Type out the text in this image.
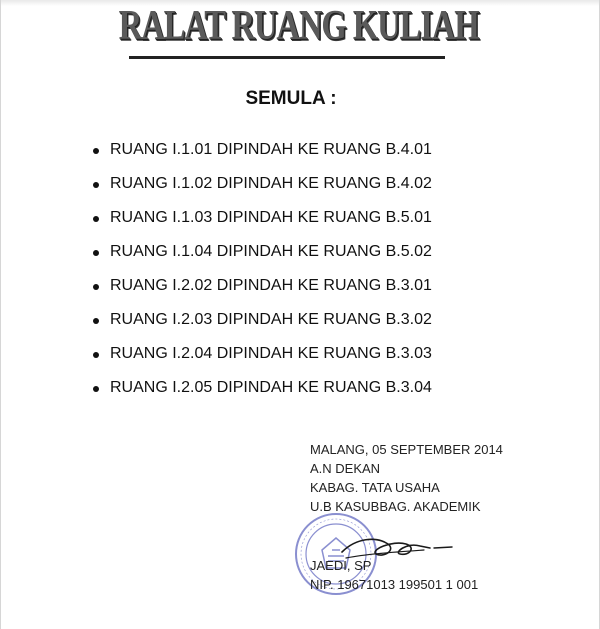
RALAT RUANG KULIAH
SEMULA :
RUANG I.1.01 DIPINDAH KE RUANG B.4.01
RUANG I.1.02 DIPINDAH KE RUANG B.4.02
RUANG I.1.03 DIPINDAH KE RUANG B.5.01
RUANG I.1.04 DIPINDAH KE RUANG B.5.02
RUANG I.2.02 DIPINDAH KE RUANG B.3.01
RUANG I.2.03 DIPINDAH KE RUANG B.3.02
RUANG I.2.04 DIPINDAH KE RUANG B.3.03
RUANG I.2.05 DIPINDAH KE RUANG B.3.04
MALANG, 05 SEPTEMBER 2014
A.N DEKAN
KABAG. TATA USAHA
U.B KASUBBAG. AKADEMIK
JAEDI, SP
NIP. 19671013 199501 1 001
